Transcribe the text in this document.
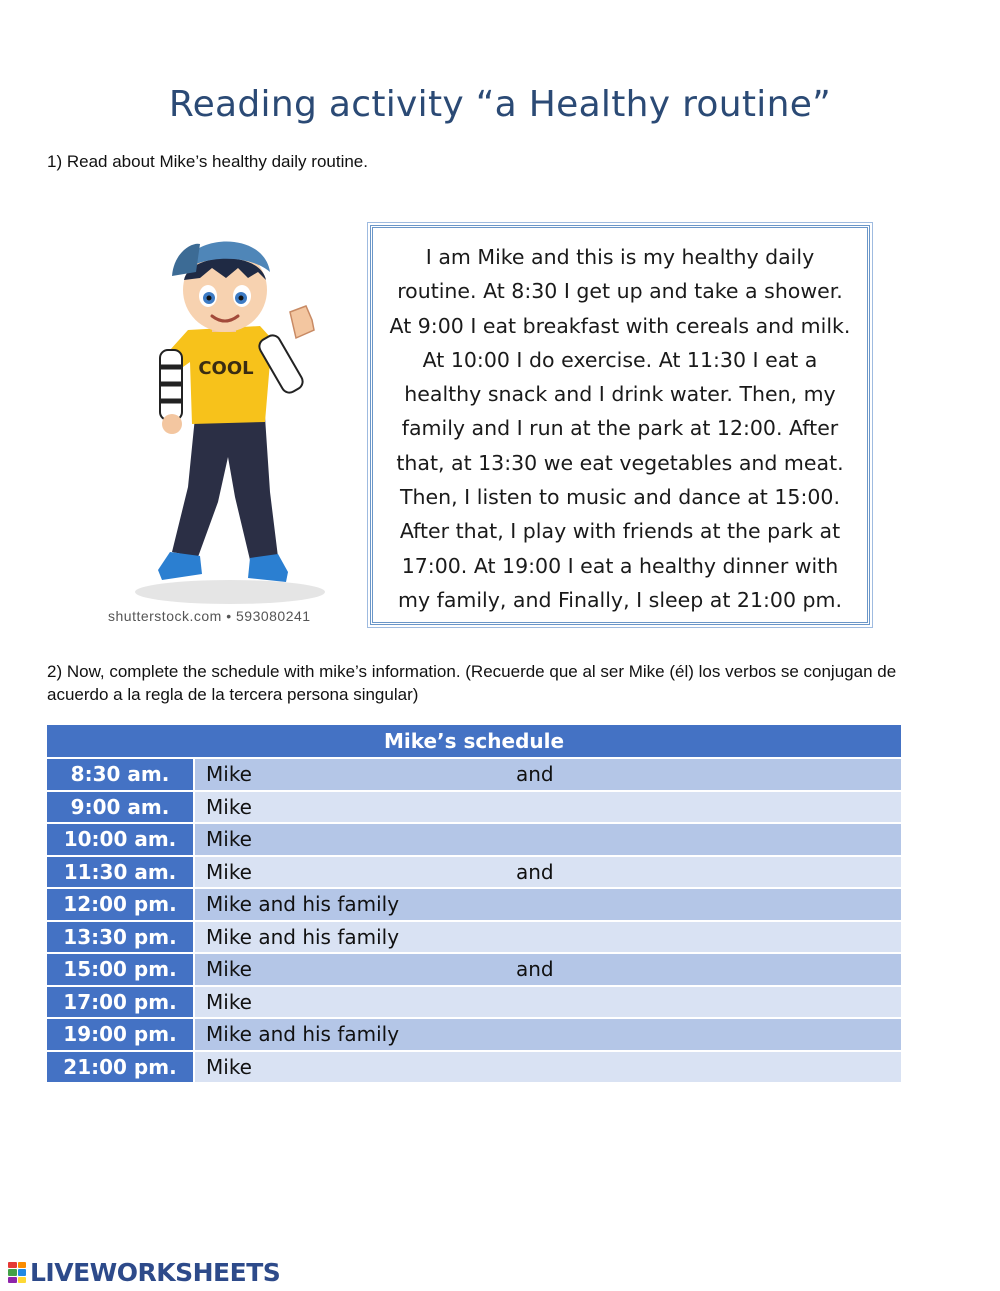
Reading activity “a Healthy routine”
1) Read about Mike’s healthy daily routine.
COOL
shutterstock.com • 593080241
I am Mike and this is my healthy daily routine. At 8:30 I get up and take a shower. At 9:00 I eat breakfast with cereals and milk. At 10:00 I do exercise. At 11:30 I eat a healthy snack and I drink water. Then, my family and I run at the park at 12:00. After that, at 13:30 we eat vegetables and meat. Then, I listen to music and dance at 15:00. After that, I play with friends at the park at 17:00. At 19:00 I eat a healthy dinner with my family, and Finally, I sleep at 21:00 pm.
2) Now, complete the schedule with mike’s information. (Recuerde que al ser Mike (él) los verbos se conjugan de acuerdo a la regla de la tercera persona singular)
Mike’s schedule	
8:30 am.	Mike and

9:00 am.	Mike

10:00 am.	Mike

11:30 am.	Mike and

12:00 pm.	Mike and his family

13:30 pm.	Mike and his family

15:00 pm.	Mike and

17:00 pm.	Mike

19:00 pm.	Mike and his family

21:00 pm.	Mike
LIVEWORKSHEETS
